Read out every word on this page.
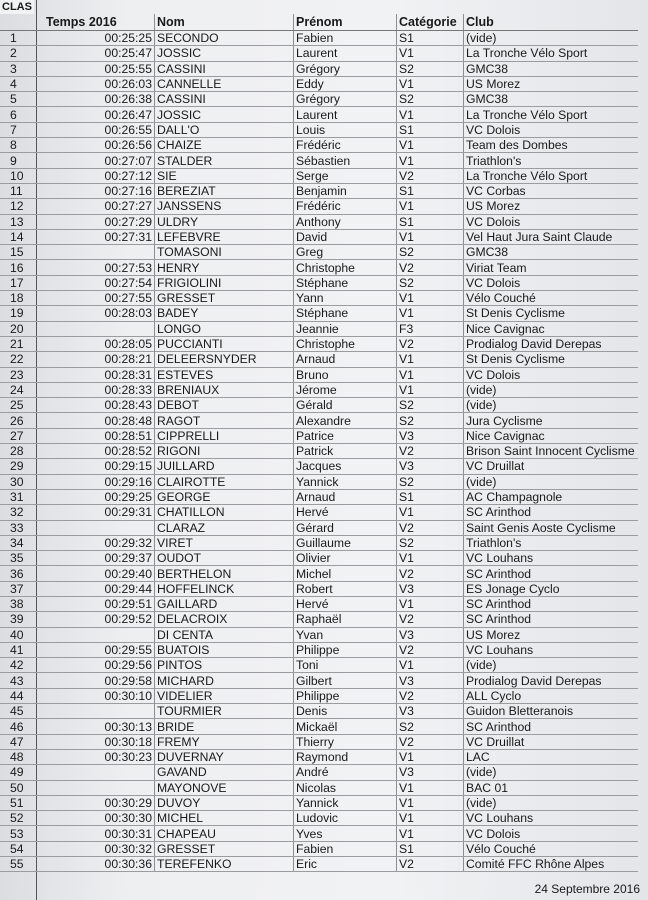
CLAS
	Temps 2016	Nom	Prénom	Catégorie	Club
1	00:25:25	SECONDO	Fabien	S1	(vide)
2	00:25:47	JOSSIC	Laurent	V1	La Tronche Vélo Sport
3	00:25:55	CASSINI	Grégory	S2	GMC38
4	00:26:03	CANNELLE	Eddy	V1	US Morez
5	00:26:38	CASSINI	Grégory	S2	GMC38
6	00:26:47	JOSSIC	Laurent	V1	La Tronche Vélo Sport
7	00:26:55	DALL'O	Louis	S1	VC Dolois
8	00:26:56	CHAIZE	Frédéric	V1	Team des Dombes
9	00:27:07	STALDER	Sébastien	V1	Triathlon's
10	00:27:12	SIE	Serge	V2	La Tronche Vélo Sport
11	00:27:16	BEREZIAT	Benjamin	S1	VC Corbas
12	00:27:27	JANSSENS	Frédéric	V1	US Morez
13	00:27:29	ULDRY	Anthony	S1	VC Dolois
14	00:27:31	LEFEBVRE	David	V1	Vel Haut Jura Saint Claude
15		TOMASONI	Greg	S2	GMC38
16	00:27:53	HENRY	Christophe	V2	Viriat Team
17	00:27:54	FRIGIOLINI	Stéphane	S2	VC Dolois
18	00:27:55	GRESSET	Yann	V1	Vélo Couché
19	00:28:03	BADEY	Stéphane	V1	St Denis Cyclisme
20		LONGO	Jeannie	F3	Nice Cavignac
21	00:28:05	PUCCIANTI	Christophe	V2	Prodialog David Derepas
22	00:28:21	DELEERSNYDER	Arnaud	V1	St Denis Cyclisme
23	00:28:31	ESTEVES	Bruno	V1	VC Dolois
24	00:28:33	BRENIAUX	Jérome	V1	(vide)
25	00:28:43	DEBOT	Gérald	S2	(vide)
26	00:28:48	RAGOT	Alexandre	S2	Jura Cyclisme
27	00:28:51	CIPPRELLI	Patrice	V3	Nice Cavignac
28	00:28:52	RIGONI	Patrick	V2	Brison Saint Innocent Cyclisme
29	00:29:15	JUILLARD	Jacques	V3	VC Druillat
30	00:29:16	CLAIROTTE	Yannick	S2	(vide)
31	00:29:25	GEORGE	Arnaud	S1	AC Champagnole
32	00:29:31	CHATILLON	Hervé	V1	SC Arinthod
33		CLARAZ	Gérard	V2	Saint Genis Aoste Cyclisme
34	00:29:32	VIRET	Guillaume	S2	Triathlon's
35	00:29:37	OUDOT	Olivier	V1	VC Louhans
36	00:29:40	BERTHELON	Michel	V2	SC Arinthod
37	00:29:44	HOFFELINCK	Robert	V3	ES Jonage Cyclo
38	00:29:51	GAILLARD	Hervé	V1	SC Arinthod
39	00:29:52	DELACROIX	Raphaël	V2	SC Arinthod
40		DI CENTA	Yvan	V3	US Morez
41	00:29:55	BUATOIS	Philippe	V2	VC Louhans
42	00:29:56	PINTOS	Toni	V1	(vide)
43	00:29:58	MICHARD	Gilbert	V3	Prodialog David Derepas
44	00:30:10	VIDELIER	Philippe	V2	ALL Cyclo
45		TOURMIER	Denis	V3	Guidon Bletteranois
46	00:30:13	BRIDE	Mickaël	S2	SC Arinthod
47	00:30:18	FREMY	Thierry	V2	VC Druillat
48	00:30:23	DUVERNAY	Raymond	V1	LAC
49		GAVAND	André	V3	(vide)
50		MAYONOVE	Nicolas	V1	BAC 01
51	00:30:29	DUVOY	Yannick	V1	(vide)
52	00:30:30	MICHEL	Ludovic	V1	VC Louhans
53	00:30:31	CHAPEAU	Yves	V1	VC Dolois
54	00:30:32	GRESSET	Fabien	S1	Vélo Couché
55	00:30:36	TEREFENKO	Eric	V2	Comité FFC Rhône Alpes
24 Septembre 2016
